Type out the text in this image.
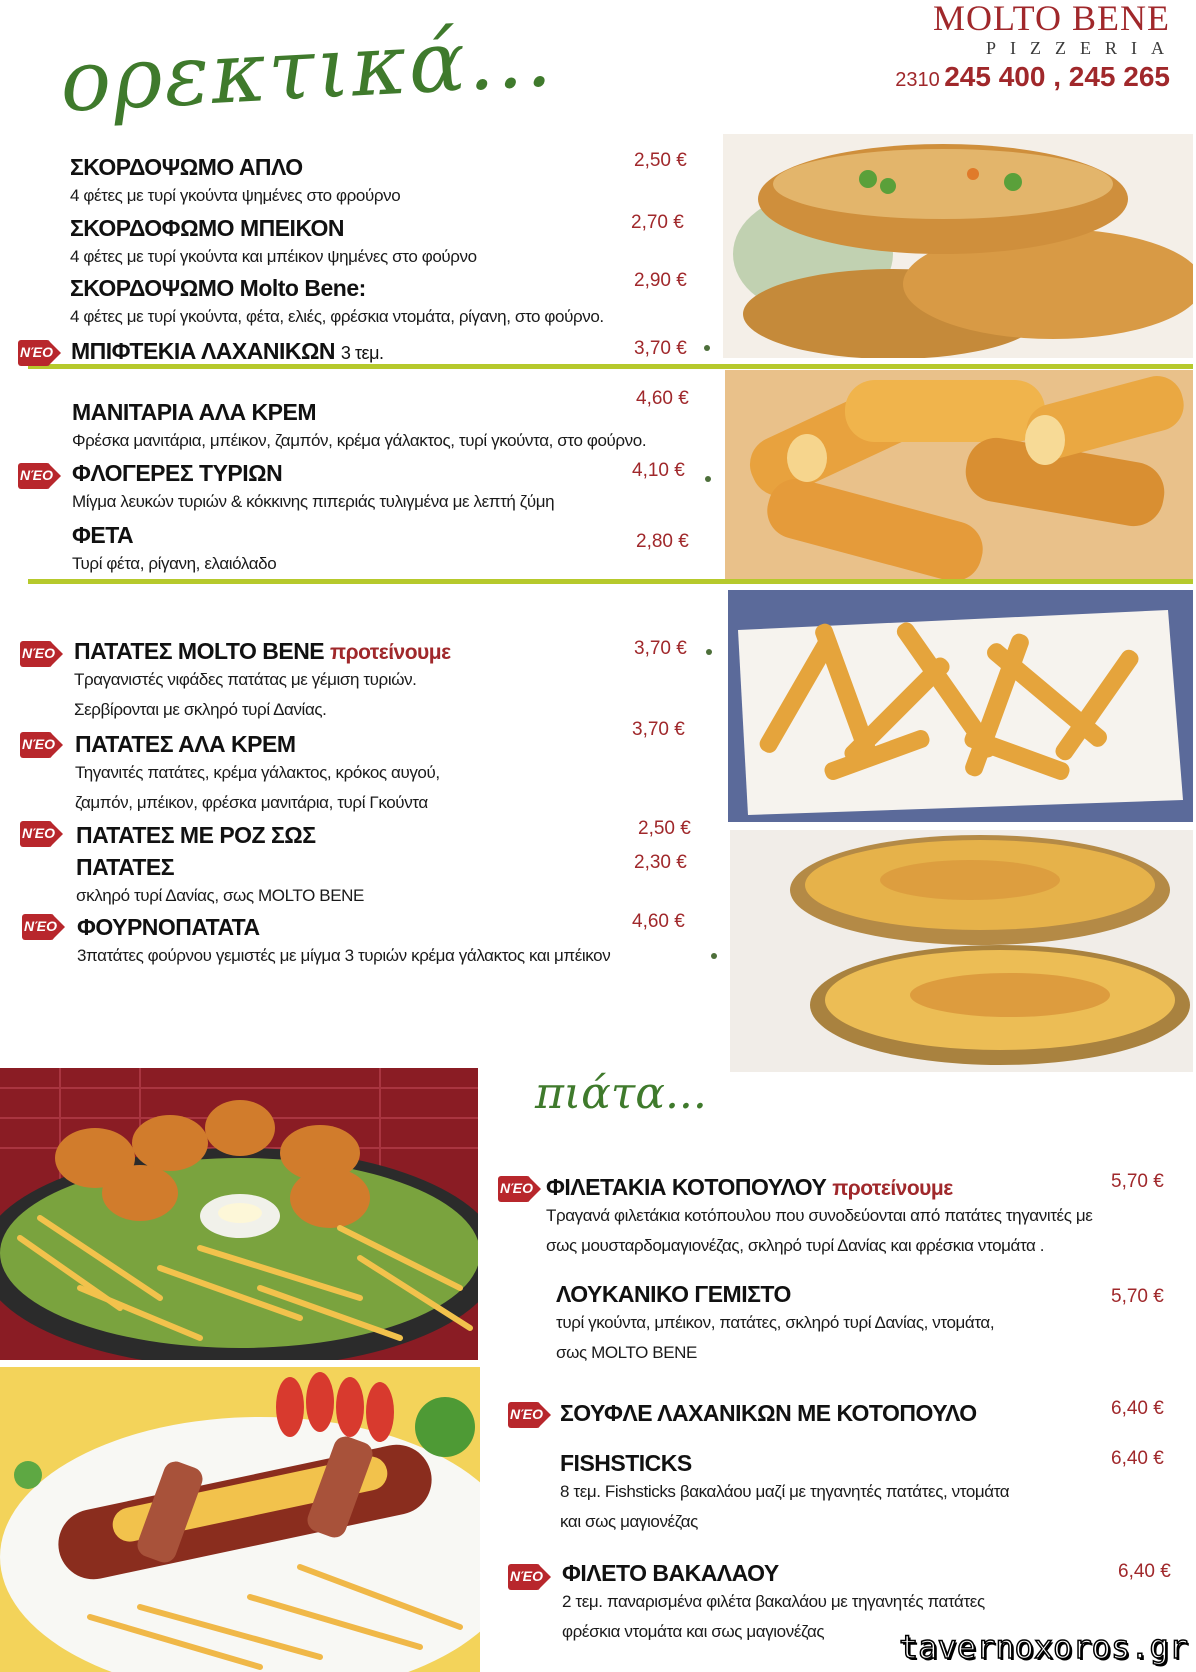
ορεκτικά...	MOLTO BENE
PIZZERIA
2310 245 400 , 245 265
ΣΚΟΡΔΟΨΩΜΟ ΑΠΛΟ
4 φέτες με τυρί γκούντα ψημένες στο φρούρνο
2,50 €
ΣΚΟΡΔΟΦΩΜΟ ΜΠΕΙΚΟΝ
4 φέτες με τυρί γκούντα και μπέικον ψημένες στο φούρνο
2,70 €
ΣΚΟΡΔΟΨΩΜΟ Molto Bene:
4 φέτες με τυρί γκούντα, φέτα, ελιές, φρέσκια ντομάτα, ρίγανη, στο φούρνο.
2,90 €
ΝΈΟ ΜΠΙΦΤΕΚΙΑ ΛΑΧΑΝΙΚΩΝ 3 τεμ.	3,70 €
ΜΑΝΙΤΑΡΙΑ ΑΛΑ ΚΡΕΜ
Φρέσκα μανιτάρια, μπέικον, ζαμπόν, κρέμα γάλακτος, τυρί γκούντα, στο φούρνο.
4,60 €
ΝΈΟ ΦΛΟΓΕΡΕΣ ΤΥΡΙΩΝ
Μίγμα λευκών τυριών & κόκκινης πιπεριάς τυλιγμένα με λεπτή ζύμη
4,10 €
ΦΕΤΑ
Τυρί φέτα, ρίγανη, ελαιόλαδο
2,80 €
ΝΈΟ ΠΑΤΑΤΕΣ MOLTO BENE προτείνουμε
Τραγανιστές νιφάδες πατάτας με γέμιση τυριών.
Σερβίρονται με σκληρό τυρί Δανίας.
3,70 €
ΝΈΟ ΠΑΤΑΤΕΣ ΑΛΑ ΚΡΕΜ
Τηγανιτές πατάτες, κρέμα γάλακτος, κρόκος αυγού,
ζαμπόν, μπέικον, φρέσκα μανιτάρια, τυρί Γκούντα
3,70 €
ΝΈΟ ΠΑΤΑΤΕΣ ΜΕ ΡΟΖ ΣΩΣ	2,50 €
ΠΑΤΑΤΕΣ
σκληρό τυρί Δανίας, σως MOLTO BENE
2,30 €
ΝΈΟ ΦΟΥΡΝΟΠΑΤΑΤΑ
3πατάτες φούρνου γεμιστές με μίγμα 3 τυριών κρέμα γάλακτος και μπέικον
4,60 €
πιάτα...
ΝΈΟ ΦΙΛΕΤΑΚΙΑ ΚΟΤΟΠΟΥΛΟΥ προτείνουμε
Τραγανά φιλετάκια κοτόπουλου που συνοδεύονται από πατάτες τηγανιτές με
σως μουσταρδομαγιονέζας, σκληρό τυρί Δανίας και φρέσκια ντομάτα .
5,70 €
ΛΟΥΚΑΝΙΚΟ ΓΕΜΙΣΤΟ
τυρί γκούντα, μπέικον, πατάτες, σκληρό τυρί Δανίας, ντομάτα,
σως MOLTO BENE
5,70 €
ΝΈΟ ΣΟΥΦΛΕ ΛΑΧΑΝΙΚΩΝ ΜΕ ΚΟΤΟΠΟΥΛΟ	6,40 €
FISHSTICKS
8 τεμ. Fishsticks βακαλάου μαζί με τηγανητές πατάτες, ντομάτα
και σως μαγιονέζας
6,40 €
ΝΈΟ ΦΙΛΕΤΟ ΒΑΚΑΛΑΟΥ
2 τεμ. παναρισμένα φιλέτα βακαλάου με τηγανητές πατάτες
φρέσκια ντομάτα και σως μαγιονέζας
6,40 €
tavernoxoros.gr
